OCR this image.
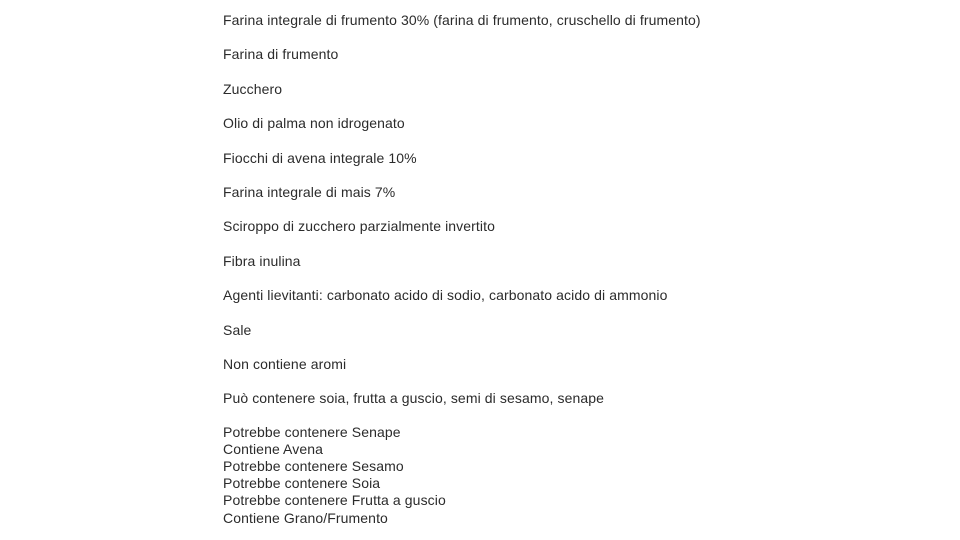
Farina integrale di frumento 30% (farina di frumento, cruschello di frumento)
Farina di frumento
Zucchero
Olio di palma non idrogenato
Fiocchi di avena integrale 10%
Farina integrale di mais 7%
Sciroppo di zucchero parzialmente invertito
Fibra inulina
Agenti lievitanti: carbonato acido di sodio, carbonato acido di ammonio
Sale
Non contiene aromi
Può contenere soia, frutta a guscio, semi di sesamo, senape
Potrebbe contenere Senape
Contiene Avena
Potrebbe contenere Sesamo
Potrebbe contenere Soia
Potrebbe contenere Frutta a guscio
Contiene Grano/Frumento
